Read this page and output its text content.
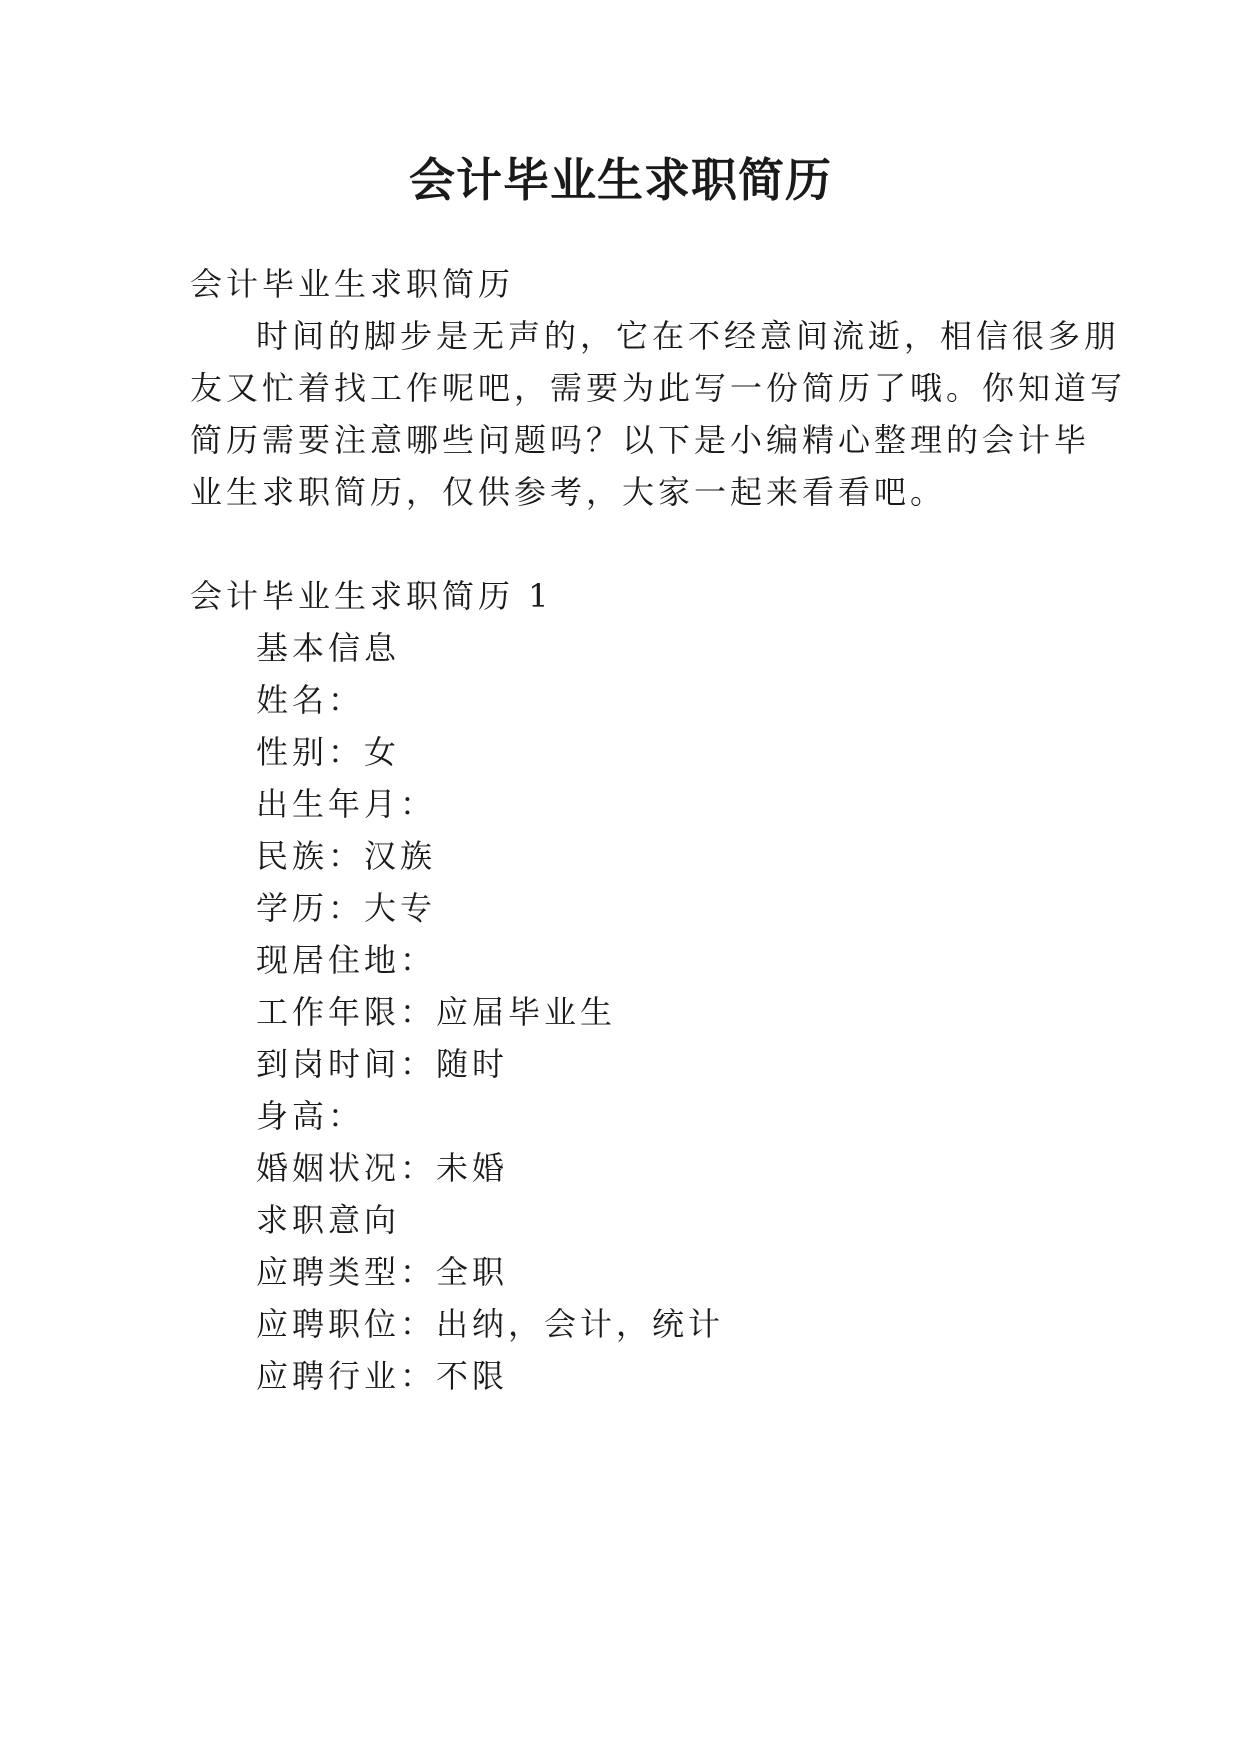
会计毕业生求职简历

会计毕业生求职简历

时间的脚步是无声的，它在不经意间流逝，相信很多朋

友又忙着找工作呢吧，需要为此写一份简历了哦。你知道写

简历需要注意哪些问题吗？以下是小编精心整理的会计毕

业生求职简历，仅供参考，大家一起来看看吧。

会计毕业生求职简历 1

基本信息

姓名：

性别：女

出生年月：

民族：汉族

学历：大专

现居住地：

工作年限：应届毕业生

到岗时间：随时

身高：

婚姻状况：未婚

求职意向

应聘类型：全职

应聘职位：出纳，会计，统计

应聘行业：不限
